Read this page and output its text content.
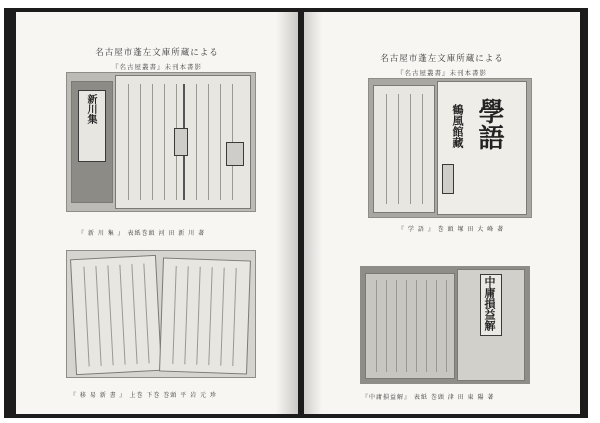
名古屋市蓬左文庫所蔵による
『名古屋叢書』未刊本書影
新川集
『 新 川 集 』 表紙巻頭 河 田 新 川 著
『 移 易 新 書 』 上巻 下巻 巻頭 平 岩 元 珍
名古屋市蓬左文庫所蔵による
『名古屋叢書』未刊本書影
學語
鶴風館藏
『 学 語 』 巻 頭 塚 田 大 峰 著
中庸損益解
『中庸損益解』 表紙 巻頭 津 田 東 陽 著
